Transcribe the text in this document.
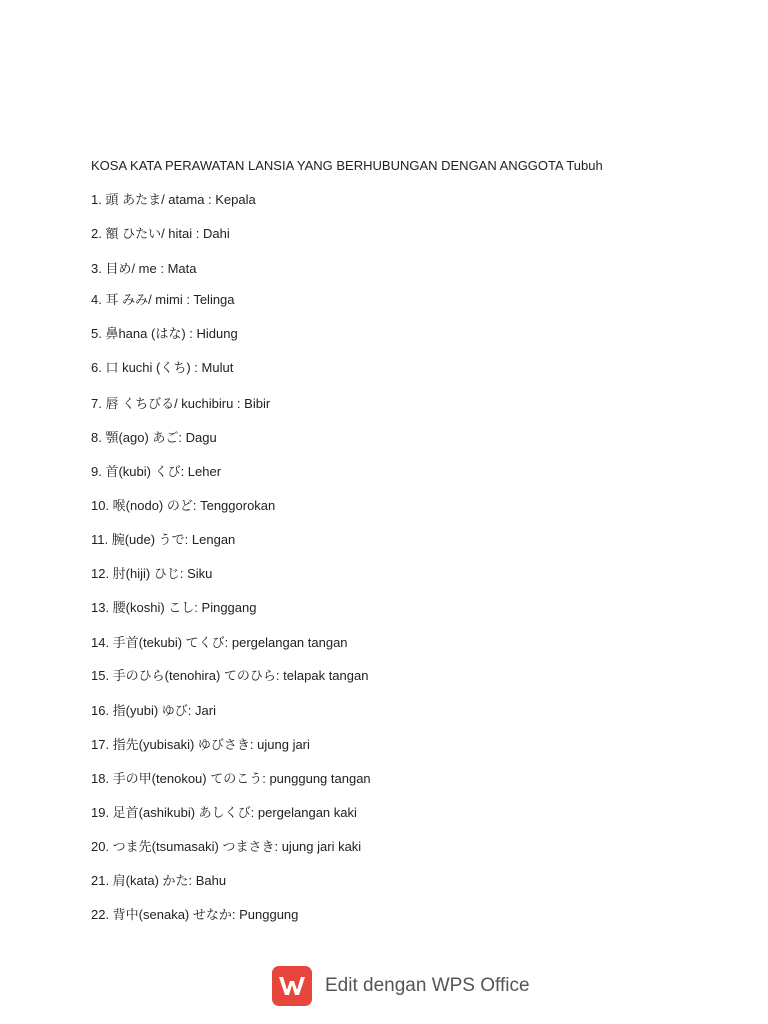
KOSA KATA PERAWATAN LANSIA YANG BERHUBUNGAN DENGAN ANGGOTA Tubuh
1. 頭 あたま/ atama : Kepala
2. 額 ひたい/ hitai : Dahi
3. 目め/ me : Mata
4. 耳 みみ/ mimi : Telinga
5. 鼻hana (はな) : Hidung
6. 口 kuchi (くち) : Mulut
7. 唇 くちびる/ kuchibiru : Bibir
8. 顎(ago) あご: Dagu
9. 首(kubi) くび: Leher
10. 喉(nodo) のど: Tenggorokan
11. 腕(ude) うで: Lengan
12. 肘(hiji) ひじ: Siku
13. 腰(koshi) こし: Pinggang
14. 手首(tekubi) てくび: pergelangan tangan
15. 手のひら(tenohira) てのひら: telapak tangan
16. 指(yubi) ゆび: Jari
17. 指先(yubisaki) ゆびさき: ujung jari
18. 手の甲(tenokou) てのこう: punggung tangan
19. 足首(ashikubi) あしくび: pergelangan kaki
20. つま先(tsumasaki) つまさき: ujung jari kaki
21. 肩(kata) かた: Bahu
22. 背中(senaka) せなか: Punggung
Edit dengan WPS Office
